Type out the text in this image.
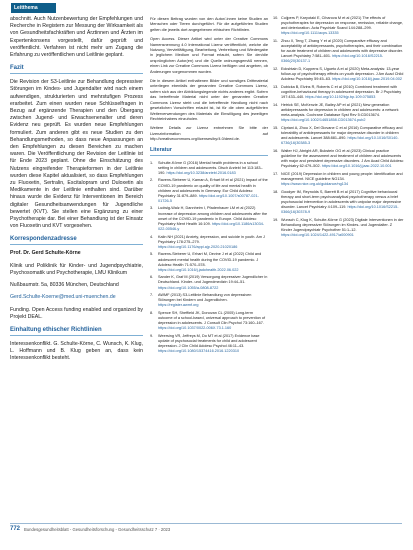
Leitthema

abschnitt. Auch Nutzenbewertung der Empfehlungen und Recherche in Registern zur Messung der Wirksamkeit als von Gesundheitsfachkräften und Ärztinnen und Ärzten im Expertenkonsens vorgestellt, dafür geprüft und veröffentlicht. Verfahren ist nicht mehr um Zugang die Erfahrung zu veröffentlichen und Leitlinie geplant.

Fazit

Die Revision der S3-Leitlinie zur Behandlung depressiver Störungen im Kindes- und Jugendalter wird nach einem aufwendigen, strukturierten und mehrstufigen Prozess erarbeitet. Zum einen wurden neue Schlüsselfragen in Bezug auf ergänzende Therapien und den Übergang zwischen Jugend- und Erwachsenenalter und deren Evidenz neu geprüft. Es wurden neue Empfehlungen formuliert. Zum anderen gibt es neue Studien zu den Behandlungsmethoden, so dass neue Anpassungen an den Empfehlungen zu diesen Bereichen zu machen waren. Die Veröffentlichung der Revision der Leitlinie ist für Ende 2023 geplant. Ohne die Einschätzung des Nutzens eingreifender Therapieformen in der Leitlinie wurden diese Kapitel aktualisiert, so dass Empfehlungen zu Fluoxetin, Sertralin, Escitalopram und Duloxetin als Medikamente in der Leitlinie enthalten sind. Darüber hinaus wurde die Evidenz für Interventionen im Bereich digitaler Gesundheitsanwendungen für Jugendliche bewertet (KVT). Sie stellen eine Ergänzung zu einer Psychotherapie dar. Bei einer Behandlung ist der Einsatz von Fluoxetin und KVT vorgesehen.

Korrespondenzadresse

Prof. Dr. Gerd Schulte-Körne

Klinik und Poliklinik für Kinder- und Jugendpsychiatrie, Psychosomatik und Psychotherapie, LMU Klinikum

Nußbaumstr. 5a, 80336 München, Deutschland

Gerd.Schulte-Koerne@med.uni-muenchen.de

Funding. Open Access funding enabled and organized by Projekt DEAL.

Einhaltung ethischer Richtlinien

Interessenkonflikt. G. Schulte-Körne, C. Wunsch, K. Klug, L. Hoffmann und B. Klug geben an, dass kein Interessenkonflikt besteht.

Für diesen Beitrag wurden von den Autor/-innen keine Studien an Menschen oder Tieren durchgeführt. Für die aufgeführten Studien gelten die jeweils dort angegebenen ethischen Richtlinien.

Open Access. Dieser Artikel wird unter der Creative Commons Namensnennung 4.0 International Lizenz veröffentlicht, welche die Nutzung, Vervielfältigung, Bearbeitung, Verbreitung und Wiedergabe in jeglichem Medium und Format erlaubt, sofern Sie den/die ursprünglichen Autor(en) und die Quelle ordnungsgemäß nennen, einen Link zur Creative Commons Lizenz beifügen und angeben, ob Änderungen vorgenommen wurden.

Die in diesem Artikel enthaltenen Bilder und sonstiges Drittmaterial unterliegen ebenfalls der genannten Creative Commons Lizenz, sofern sich aus der Abbildungslegende nichts anderes ergibt. Sofern das betreffende Material nicht unter der genannten Creative Commons Lizenz steht und die betreffende Handlung nicht nach gesetzlichen Vorschriften erlaubt ist, ist für die oben aufgeführten Weiterverwendungen des Materials die Einwilligung des jeweiligen Rechteinhabers einzuholen.

Weitere Details zur Lizenz entnehmen Sie bitte der Lizenzinformation auf http://creativecommons.org/licenses/by/4.0/deed.de.

Literatur
1.	Schulte-Körne G (2016) Mental health problems in a school setting in children and adolescents. Dtsch Arztebl Int 113:183–190. https://doi.org/10.3238/arztebl.2016.0183
2.	Ravens-Sieberer U, Kaman A, Erhart M et al (2021) Impact of the COVID-19 pandemic on quality of life and mental health in children and adolescents in Germany. Eur Child Adolesc Psychiatry 31:879–889. https://doi.org/10.1007/s00787-021-01726-5
3.	Ludwig-Walz H, Dannheim I, Pfadenhauer LM et al (2022) Increase of depression among children and adolescents after the onset of the COVID-19 pandemic in Europe. Child Adolesc Psychiatry Ment Health 16:109. https://doi.org/10.1186/s13034-022-00546-y
4.	Kalin NH (2021) Anxiety, depression, and suicide in youth. Am J Psychiatry 178:275–279. https://doi.org/10.1176/appi.ajp.2020.21020186
5.	Ravens-Sieberer U, Erhart M, Devine J et al (2022) Child and adolescent mental health during the COVID-19 pandemic. J Adolesc Health 71:570–578. https://doi.org/10.1016/j.jadohealth.2022.06.022
6.	Sander K, Graf M (2019) Versorgung depressiver Jugendlicher in Deutschland. Kinder- und Jugendmedizin 19:44–51. https://doi.org/10.1055/a-0808-8722
7.	AWMF (2013) S3-Leitlinie Behandlung von depressiven Störungen bei Kindern und Jugendlichen. https://register.awmf.org
8.	Spence SH, Sheffield JK, Donovan CL (2005) Long-term outcome of a school-based, universal approach to prevention of depression in adolescents. J Consult Clin Psychol 73:160–167. https://doi.org/10.1037/0022-006X.73.1.160
9.	Weersing VR, Jeffreys M, Do MT et al (2017) Evidence base update of psychosocial treatments for child and adolescent depression. J Clin Child Adolesc Psychol 46:11–43. https://doi.org/10.1080/15374416.2016.1220310
10. Cuijpers P, Karyotaki E, Ciharova M et al (2021) The effects of psychotherapies for depression on response, remission, reliable change, and deterioration. Acta Psychiatr Scand 144:288–299. https://doi.org/10.1111/acps.13335
11. Zhou X, Teng T, Zhang Y et al (2020) Comparative efficacy and acceptability of antidepressants, psychotherapies, and their combination for acute treatment of children and adolescents with depressive disorder. Lancet Psychiatry 7:581–601. https://doi.org/10.1016/S2215-0366(20)30137-1
12. Eckshtain D, Kuppens S, Ugueto A et al (2020) Meta-analysis: 13-year follow-up of psychotherapy effects on youth depression. J Am Acad Child Adolesc Psychiatry 59:45–63. https://doi.org/10.1016/j.jaac.2019.04.002
13. Dubicka B, Elvins R, Roberts C et al (2010) Combined treatment with cognitive-behavioural therapy in adolescent depression. Br J Psychiatry 197:433–440. https://doi.org/10.1192/bjp.bp.109.075853
14. Hetrick SE, McKenzie JE, Bailey AP et al (2021) New generation antidepressants for depression in children and adolescents: a network meta-analysis. Cochrane Database Syst Rev 5:CD013674. https://doi.org/10.1002/14651858.CD013674.pub2
15. Cipriani A, Zhou X, Del Giovane C et al (2016) Comparative efficacy and tolerability of antidepressants for major depressive disorder in children and adolescents. Lancet 388:881–890. https://doi.org/10.1016/S0140-6736(16)30385-3
16. Walter HJ, Abright AR, Bukstein OG et al (2023) Clinical practice guideline for the assessment and treatment of children and adolescents with major and persistent depressive disorders. J Am Acad Child Adolesc Psychiatry 62:479–502. https://doi.org/10.1016/j.jaac.2022.10.001
17. NICE (2019) Depression in children and young people: identification and management. NICE guideline NG134. https://www.nice.org.uk/guidance/ng134
18. Goodyer IM, Reynolds S, Barrett B et al (2017) Cognitive behavioural therapy and short-term psychoanalytical psychotherapy versus a brief psychosocial intervention in adolescents with unipolar major depressive disorder. Lancet Psychiatry 4:109–119. https://doi.org/10.1016/S2215-0366(16)30378-9
19. Wunsch C, Klug K, Schulte-Körne G (2023) Digitale Interventionen in der Behandlung depressiver Störungen im Kindes- und Jugendalter. Z Kinder Jugendpsychiatr Psychother 51:1–12. https://doi.org/10.1024/1422-4917/a000901
772 Bundesgesundheitsblatt - Gesundheitsforschung - Gesundheitsschutz 7 · 2023
